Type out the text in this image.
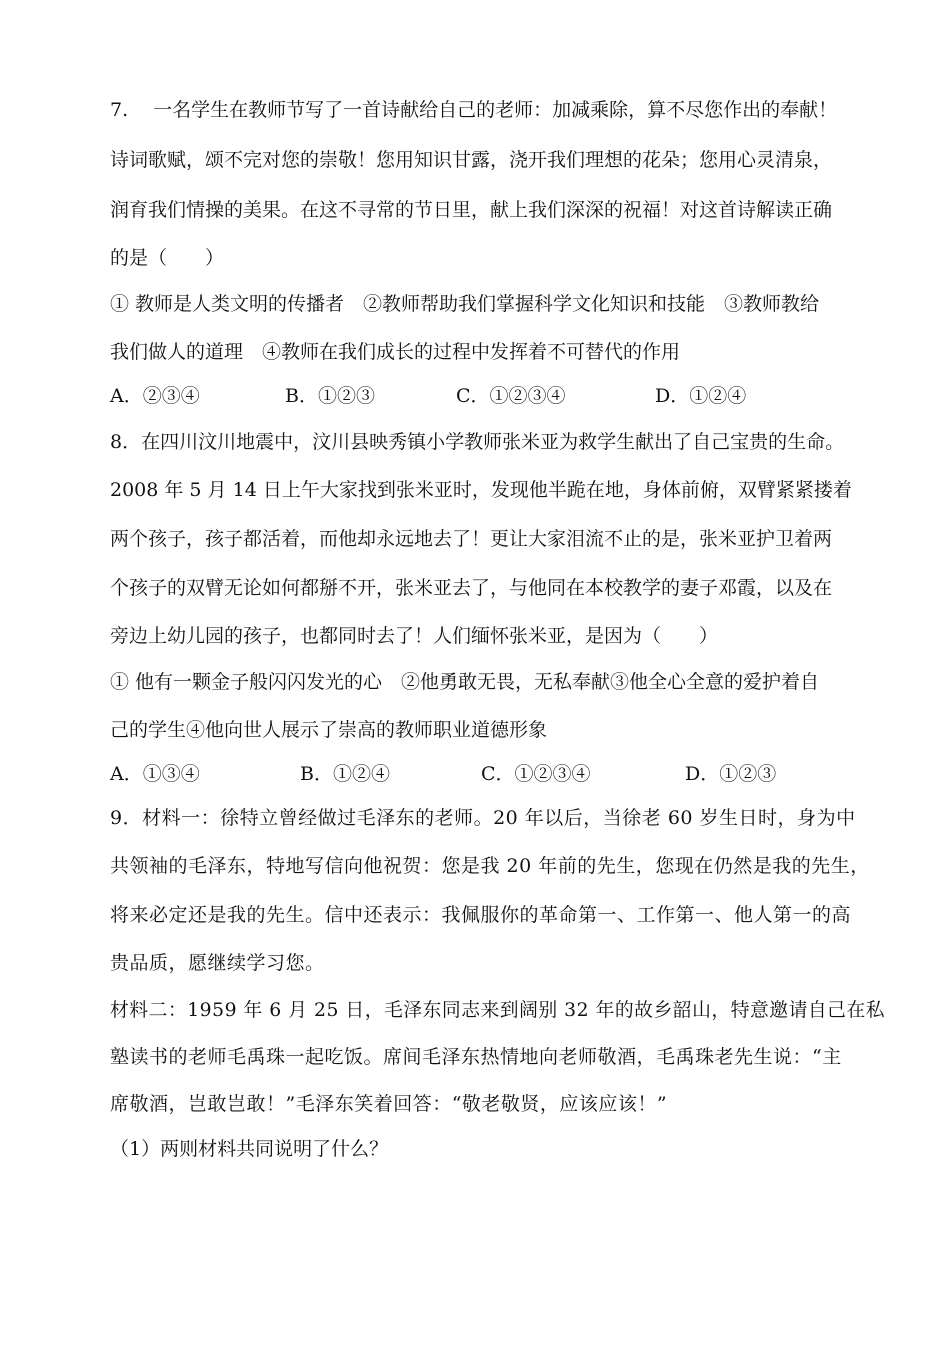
7.　 一名学生在教师节写了一首诗献给自己的老师：加减乘除，算不尽您作出的奉献！
诗词歌赋，颂不完对您的崇敬！您用知识甘露，浇开我们理想的花朵；您用心灵清泉，
润育我们情操的美果。在这不寻常的节日里，献上我们深深的祝福！对这首诗解读正确
的是（　　）
① 教师是人类文明的传播者　②教师帮助我们掌握科学文化知识和技能　③教师教给
我们做人的道理　④教师在我们成长的过程中发挥着不可替代的作用
A．②③④	B．①②③	C．①②③④	D．①②④
8．在四川汶川地震中，汶川县映秀镇小学教师张米亚为救学生献出了自己宝贵的生命。
2008 年 5 月 14 日上午大家找到张米亚时，发现他半跪在地，身体前俯，双臂紧紧搂着
两个孩子，孩子都活着，而他却永远地去了！更让大家泪流不止的是，张米亚护卫着两
个孩子的双臂无论如何都掰不开，张米亚去了，与他同在本校教学的妻子邓霞，以及在
旁边上幼儿园的孩子，也都同时去了！人们缅怀张米亚，是因为（　　）
① 他有一颗金子般闪闪发光的心　②他勇敢无畏，无私奉献③他全心全意的爱护着自
己的学生④他向世人展示了崇高的教师职业道德形象
A．①③④	B．①②④	C．①②③④	D．①②③
9．材料一：徐特立曾经做过毛泽东的老师。20 年以后，当徐老 60 岁生日时，身为中
共领袖的毛泽东，特地写信向他祝贺：您是我 20 年前的先生，您现在仍然是我的先生，
将来必定还是我的先生。信中还表示：我佩服你的革命第一、工作第一、他人第一的高
贵品质，愿继续学习您。
材料二：1959 年 6 月 25 日，毛泽东同志来到阔别 32 年的故乡韶山，特意邀请自己在私
塾读书的老师毛禹珠一起吃饭。席间毛泽东热情地向老师敬酒，毛禹珠老先生说：“主
席敬酒，岂敢岂敢！”毛泽东笑着回答：“敬老敬贤，应该应该！”
（1）两则材料共同说明了什么？
